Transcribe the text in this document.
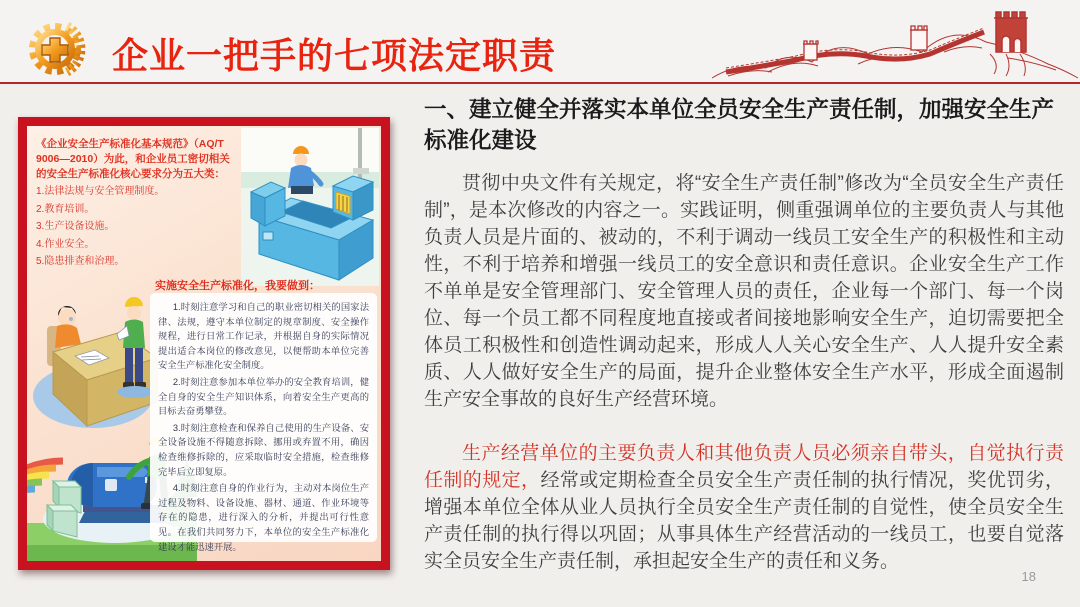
企业一把手的七项法定职责
《企业安全生产标准化基本规范》（AQ/T 9006—2010）为此，和企业员工密切相关的安全生产标准化核心要求分为五大类：
1.法律法规与安全管理制度。
2.教育培训。
3.生产设备设施。
4.作业安全。
5.隐患排查和治理。
实施安全生产标准化，我要做到：

1.时刻注意学习和自己的职业密切相关的国家法律、法规，遵守本单位制定的规章制度、安全操作规程，进行日常工作记录，并根据自身的实际情况提出适合本岗位的修改意见，以便帮助本单位完善安全生产标准化安全制度。

2.时刻注意参加本单位举办的安全教育培训，健全自身的安全生产知识体系，向着安全生产更高的目标去奋勇攀登。

3.时刻注意检查和保养自己使用的生产设备、安全设备设施不得随意拆除、挪用或弃置不用，确因检查维修拆除的，应采取临时安全措施，检查维修完毕后立即复原。

4.时刻注意自身的作业行为，主动对本岗位生产过程及物料、设备设施、器材、通道、作业环境等存在的隐患，进行深入的分析，并提出可行性意见。在我们共同努力下，本单位的安全生产标准化建设才能迅速开展。

一、建立健全并落实本单位全员安全生产责任制，加强安全生产标准化建设

贯彻中央文件有关规定，将“安全生产责任制”修改为“全员安全生产责任制”，是本次修改的内容之一。实践证明，侧重强调单位的主要负责人与其他负责人员是片面的、被动的，不利于调动一线员工安全生产的积极性和主动性，不利于培养和增强一线员工的安全意识和责任意识。企业安全生产工作不单单是安全管理部门、安全管理人员的责任，企业每一个部门、每一个岗位、每一个员工都不同程度地直接或者间接地影响安全生产，迫切需要把全体员工积极性和创造性调动起来，形成人人关心安全生产、人人提升安全素质、人人做好安全生产的局面，提升企业整体安全生产水平，形成全面遏制生产安全事故的良好生产经营环境。

生产经营单位的主要负责人和其他负责人员必须亲自带头，自觉执行责任制的规定，经常或定期检查全员安全生产责任制的执行情况，奖优罚劣，增强本单位全体从业人员执行全员安全生产责任制的自觉性，使全员安全生产责任制的执行得以巩固；从事具体生产经营活动的一线员工，也要自觉落实全员安全生产责任制，承担起安全生产的责任和义务。

18
